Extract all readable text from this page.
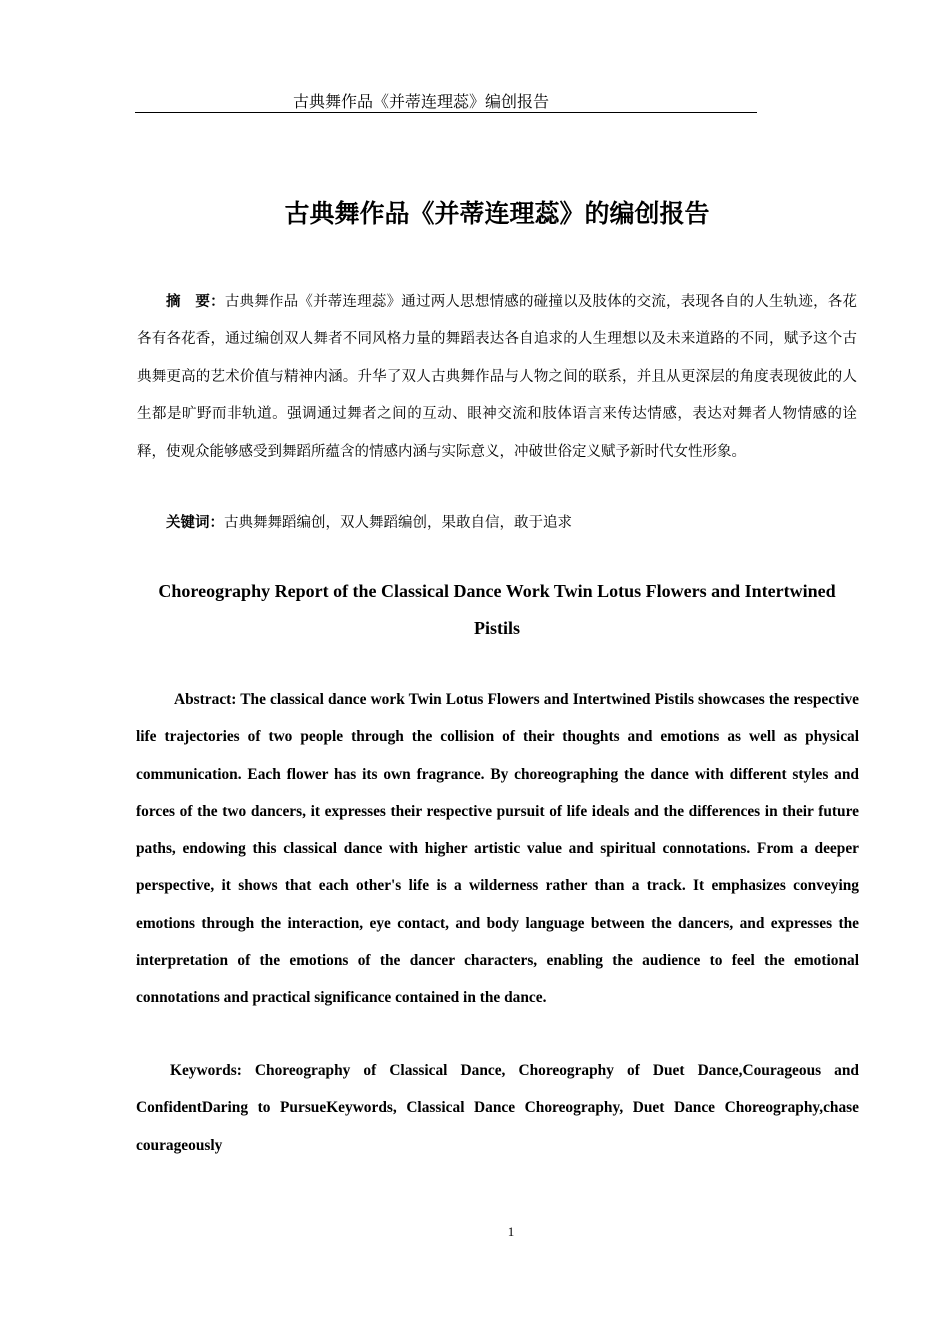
古典舞作品《并蒂连理蕊》编创报告
古典舞作品《并蒂连理蕊》的编创报告
摘　要：古典舞作品《并蒂连理蕊》通过两人思想情感的碰撞以及肢体的交流，表现各自的人生轨迹，各花各有各花香，通过编创双人舞者不同风格力量的舞蹈表达各自追求的人生理想以及未来道路的不同，赋予这个古典舞更高的艺术价值与精神内涵。升华了双人古典舞作品与人物之间的联系，并且从更深层的角度表现彼此的人生都是旷野而非轨道。强调通过舞者之间的互动、眼神交流和肢体语言来传达情感，表达对舞者人物情感的诠释，使观众能够感受到舞蹈所蕴含的情感内涵与实际意义，冲破世俗定义赋予新时代女性形象。
关键词：古典舞舞蹈编创，双人舞蹈编创，果敢自信，敢于追求
Choreography Report of the Classical Dance Work Twin Lotus Flowers and Intertwined Pistils
Abstract: The classical dance work Twin Lotus Flowers and Intertwined Pistils showcases the respective life trajectories of two people through the collision of their thoughts and emotions as well as physical communication. Each flower has its own fragrance. By choreographing the dance with different styles and forces of the two dancers, it expresses their respective pursuit of life ideals and the differences in their future paths, endowing this classical dance with higher artistic value and spiritual connotations. From a deeper perspective, it shows that each other's life is a wilderness rather than a track. It emphasizes conveying emotions through the interaction, eye contact, and body language between the dancers, and expresses the interpretation of the emotions of the dancer characters, enabling the audience to feel the emotional connotations and practical significance contained in the dance.
Keywords: Choreography of Classical Dance, Choreography of Duet Dance,Courageous and ConfidentDaring to PursueKeywords, Classical Dance Choreography, Duet Dance Choreography,chase courageously
1
